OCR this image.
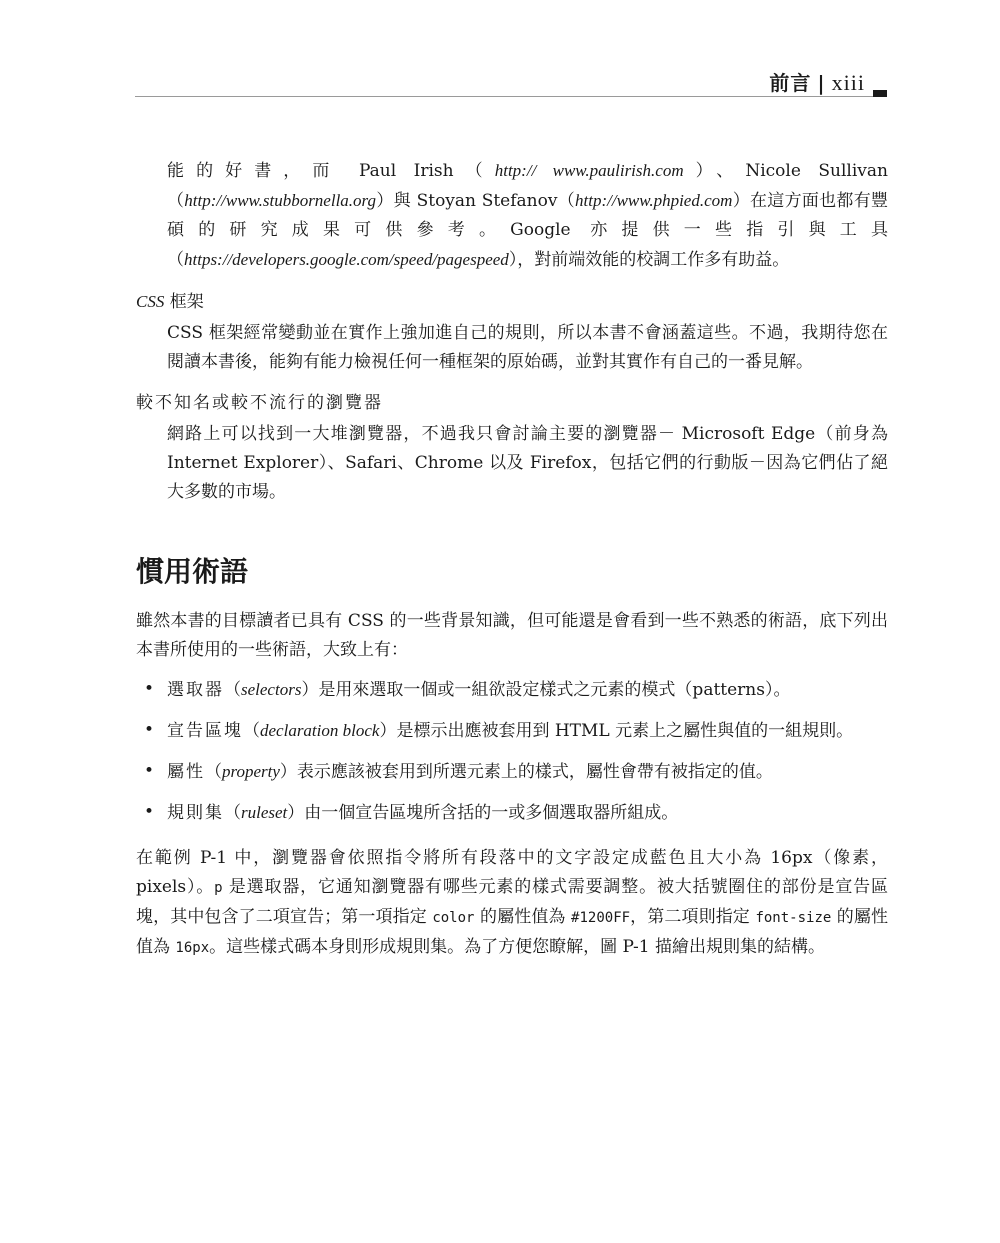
前言 | xiii

能的好書，而 Paul Irish（http:// www.paulirish.com）、Nicole Sullivan（http://www.stubbornella.org）與 Stoyan Stefanov（http://www.phpied.com）在這方面也都有豐碩的研究成果可供參考。Google 亦提供一些指引與工具（https://developers.google.com/speed/pagespeed），對前端效能的校調工作多有助益。

CSS 框架

CSS 框架經常變動並在實作上強加進自己的規則，所以本書不會涵蓋這些。不過，我期待您在閱讀本書後，能夠有能力檢視任何一種框架的原始碼，並對其實作有自己的一番見解。

較不知名或較不流行的瀏覽器

網路上可以找到一大堆瀏覽器，不過我只會討論主要的瀏覽器－ Microsoft Edge（前身為 Internet Explorer）、Safari、Chrome 以及 Firefox，包括它們的行動版－因為它們佔了絕大多數的市場。

慣用術語

雖然本書的目標讀者已具有 CSS 的一些背景知識，但可能還是會看到一些不熟悉的術語，底下列出本書所使用的一些術語，大致上有：

• 選取器（selectors）是用來選取一個或一組欲設定樣式之元素的模式（patterns）。
• 宣告區塊（declaration block）是標示出應被套用到 HTML 元素上之屬性與值的一組規則。
• 屬性（property）表示應該被套用到所選元素上的樣式，屬性會帶有被指定的值。
• 規則集（ruleset）由一個宣告區塊所含括的一或多個選取器所組成。

在範例 P-1 中，瀏覽器會依照指令將所有段落中的文字設定成藍色且大小為 16px（像素，pixels）。p 是選取器，它通知瀏覽器有哪些元素的樣式需要調整。被大括號圈住的部份是宣告區塊，其中包含了二項宣告；第一項指定 color 的屬性值為 #1200FF，第二項則指定 font-size 的屬性值為 16px。這些樣式碼本身則形成規則集。為了方便您瞭解，圖 P-1 描繪出規則集的結構。
